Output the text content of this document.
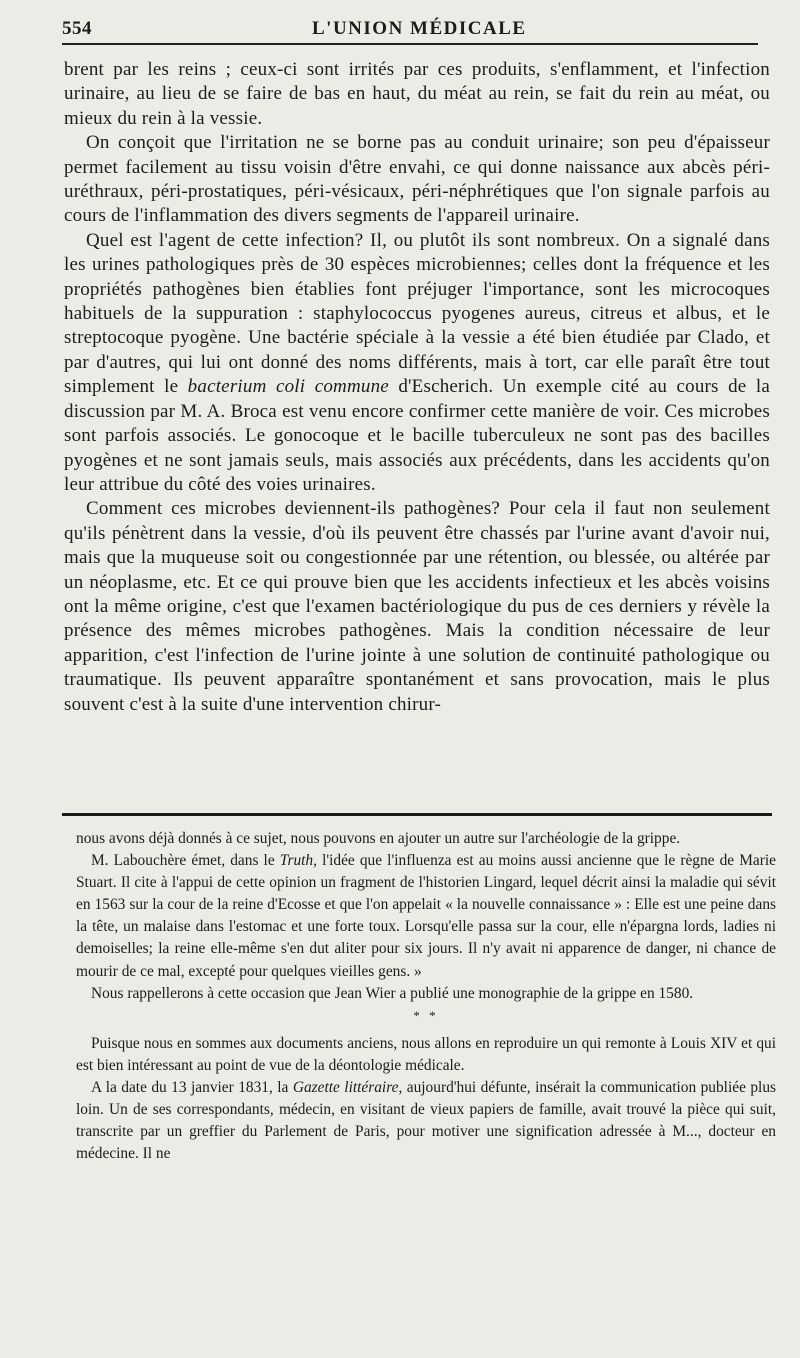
554	L'UNION MÉDICALE

brent par les reins ; ceux-ci sont irrités par ces produits, s'enflamment, et l'infection urinaire, au lieu de se faire de bas en haut, du méat au rein, se fait du rein au méat, ou mieux du rein à la vessie.

On conçoit que l'irritation ne se borne pas au conduit urinaire; son peu d'épaisseur permet facilement au tissu voisin d'être envahi, ce qui donne naissance aux abcès péri-uréthraux, péri-prostatiques, péri-vésicaux, péri-néphrétiques que l'on signale parfois au cours de l'inflammation des divers segments de l'appareil urinaire.

Quel est l'agent de cette infection? Il, ou plutôt ils sont nombreux. On a signalé dans les urines pathologiques près de 30 espèces microbiennes; celles dont la fréquence et les propriétés pathogènes bien établies font préjuger l'importance, sont les microcoques habituels de la suppuration : staphylococcus pyogenes aureus, citreus et albus, et le streptocoque pyogène. Une bactérie spéciale à la vessie a été bien étudiée par Clado, et par d'autres, qui lui ont donné des noms différents, mais à tort, car elle paraît être tout simplement le bacterium coli commune d'Escherich. Un exemple cité au cours de la discussion par M. A. Broca est venu encore confirmer cette manière de voir. Ces microbes sont parfois associés. Le gonocoque et le bacille tuberculeux ne sont pas des bacilles pyogènes et ne sont jamais seuls, mais associés aux précédents, dans les accidents qu'on leur attribue du côté des voies urinaires.

Comment ces microbes deviennent-ils pathogènes? Pour cela il faut non seulement qu'ils pénètrent dans la vessie, d'où ils peuvent être chassés par l'urine avant d'avoir nui, mais que la muqueuse soit ou congestionnée par une rétention, ou blessée, ou altérée par un néoplasme, etc. Et ce qui prouve bien que les accidents infectieux et les abcès voisins ont la même origine, c'est que l'examen bactériologique du pus de ces derniers y révèle la présence des mêmes microbes pathogènes. Mais la condition nécessaire de leur apparition, c'est l'infection de l'urine jointe à une solution de continuité pathologique ou traumatique. Ils peuvent apparaître spontanément et sans provocation, mais le plus souvent c'est à la suite d'une intervention chirur-

nous avons déjà donnés à ce sujet, nous pouvons en ajouter un autre sur l'archéologie de la grippe.

M. Labouchère émet, dans le Truth, l'idée que l'influenza est au moins aussi ancienne que le règne de Marie Stuart. Il cite à l'appui de cette opinion un fragment de l'historien Lingard, lequel décrit ainsi la maladie qui sévit en 1563 sur la cour de la reine d'Ecosse et que l'on appelait « la nouvelle connaissance » : Elle est une peine dans la tête, un malaise dans l'estomac et une forte toux. Lorsqu'elle passa sur la cour, elle n'épargna lords, ladies ni demoiselles; la reine elle-même s'en dut aliter pour six jours. Il n'y avait ni apparence de danger, ni chance de mourir de ce mal, excepté pour quelques vieilles gens. »

Nous rappellerons à cette occasion que Jean Wier a publié une monographie de la grippe en 1580.

* *

Puisque nous en sommes aux documents anciens, nous allons en reproduire un qui remonte à Louis XIV et qui est bien intéressant au point de vue de la déontologie médicale.

A la date du 13 janvier 1831, la Gazette littéraire, aujourd'hui défunte, insérait la communication publiée plus loin. Un de ses correspondants, médecin, en visitant de vieux papiers de famille, avait trouvé la pièce qui suit, transcrite par un greffier du Parlement de Paris, pour motiver une signification adressée à M..., docteur en médecine. Il ne
